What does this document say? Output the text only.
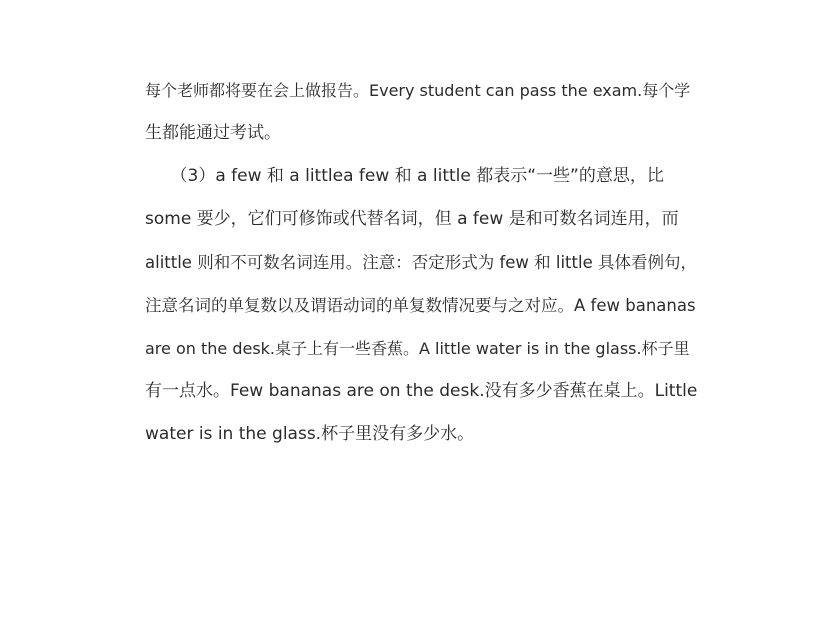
每个老师都将要在会上做报告。Every student can pass the exam.每个学
生都能通过考试。
　　（3）a few 和 a littlea few 和 a little 都表示“一些”的意思，比
some 要少，它们可修饰或代替名词，但 a few 是和可数名词连用，而
alittle 则和不可数名词连用。注意：否定形式为 few 和 little 具体看例句，
注意名词的单复数以及谓语动词的单复数情况要与之对应。A few bananas
are on the desk.桌子上有一些香蕉。A little water is in the glass.杯子里
有一点水。Few bananas are on the desk.没有多少香蕉在桌上。Little
water is in the glass.杯子里没有多少水。
